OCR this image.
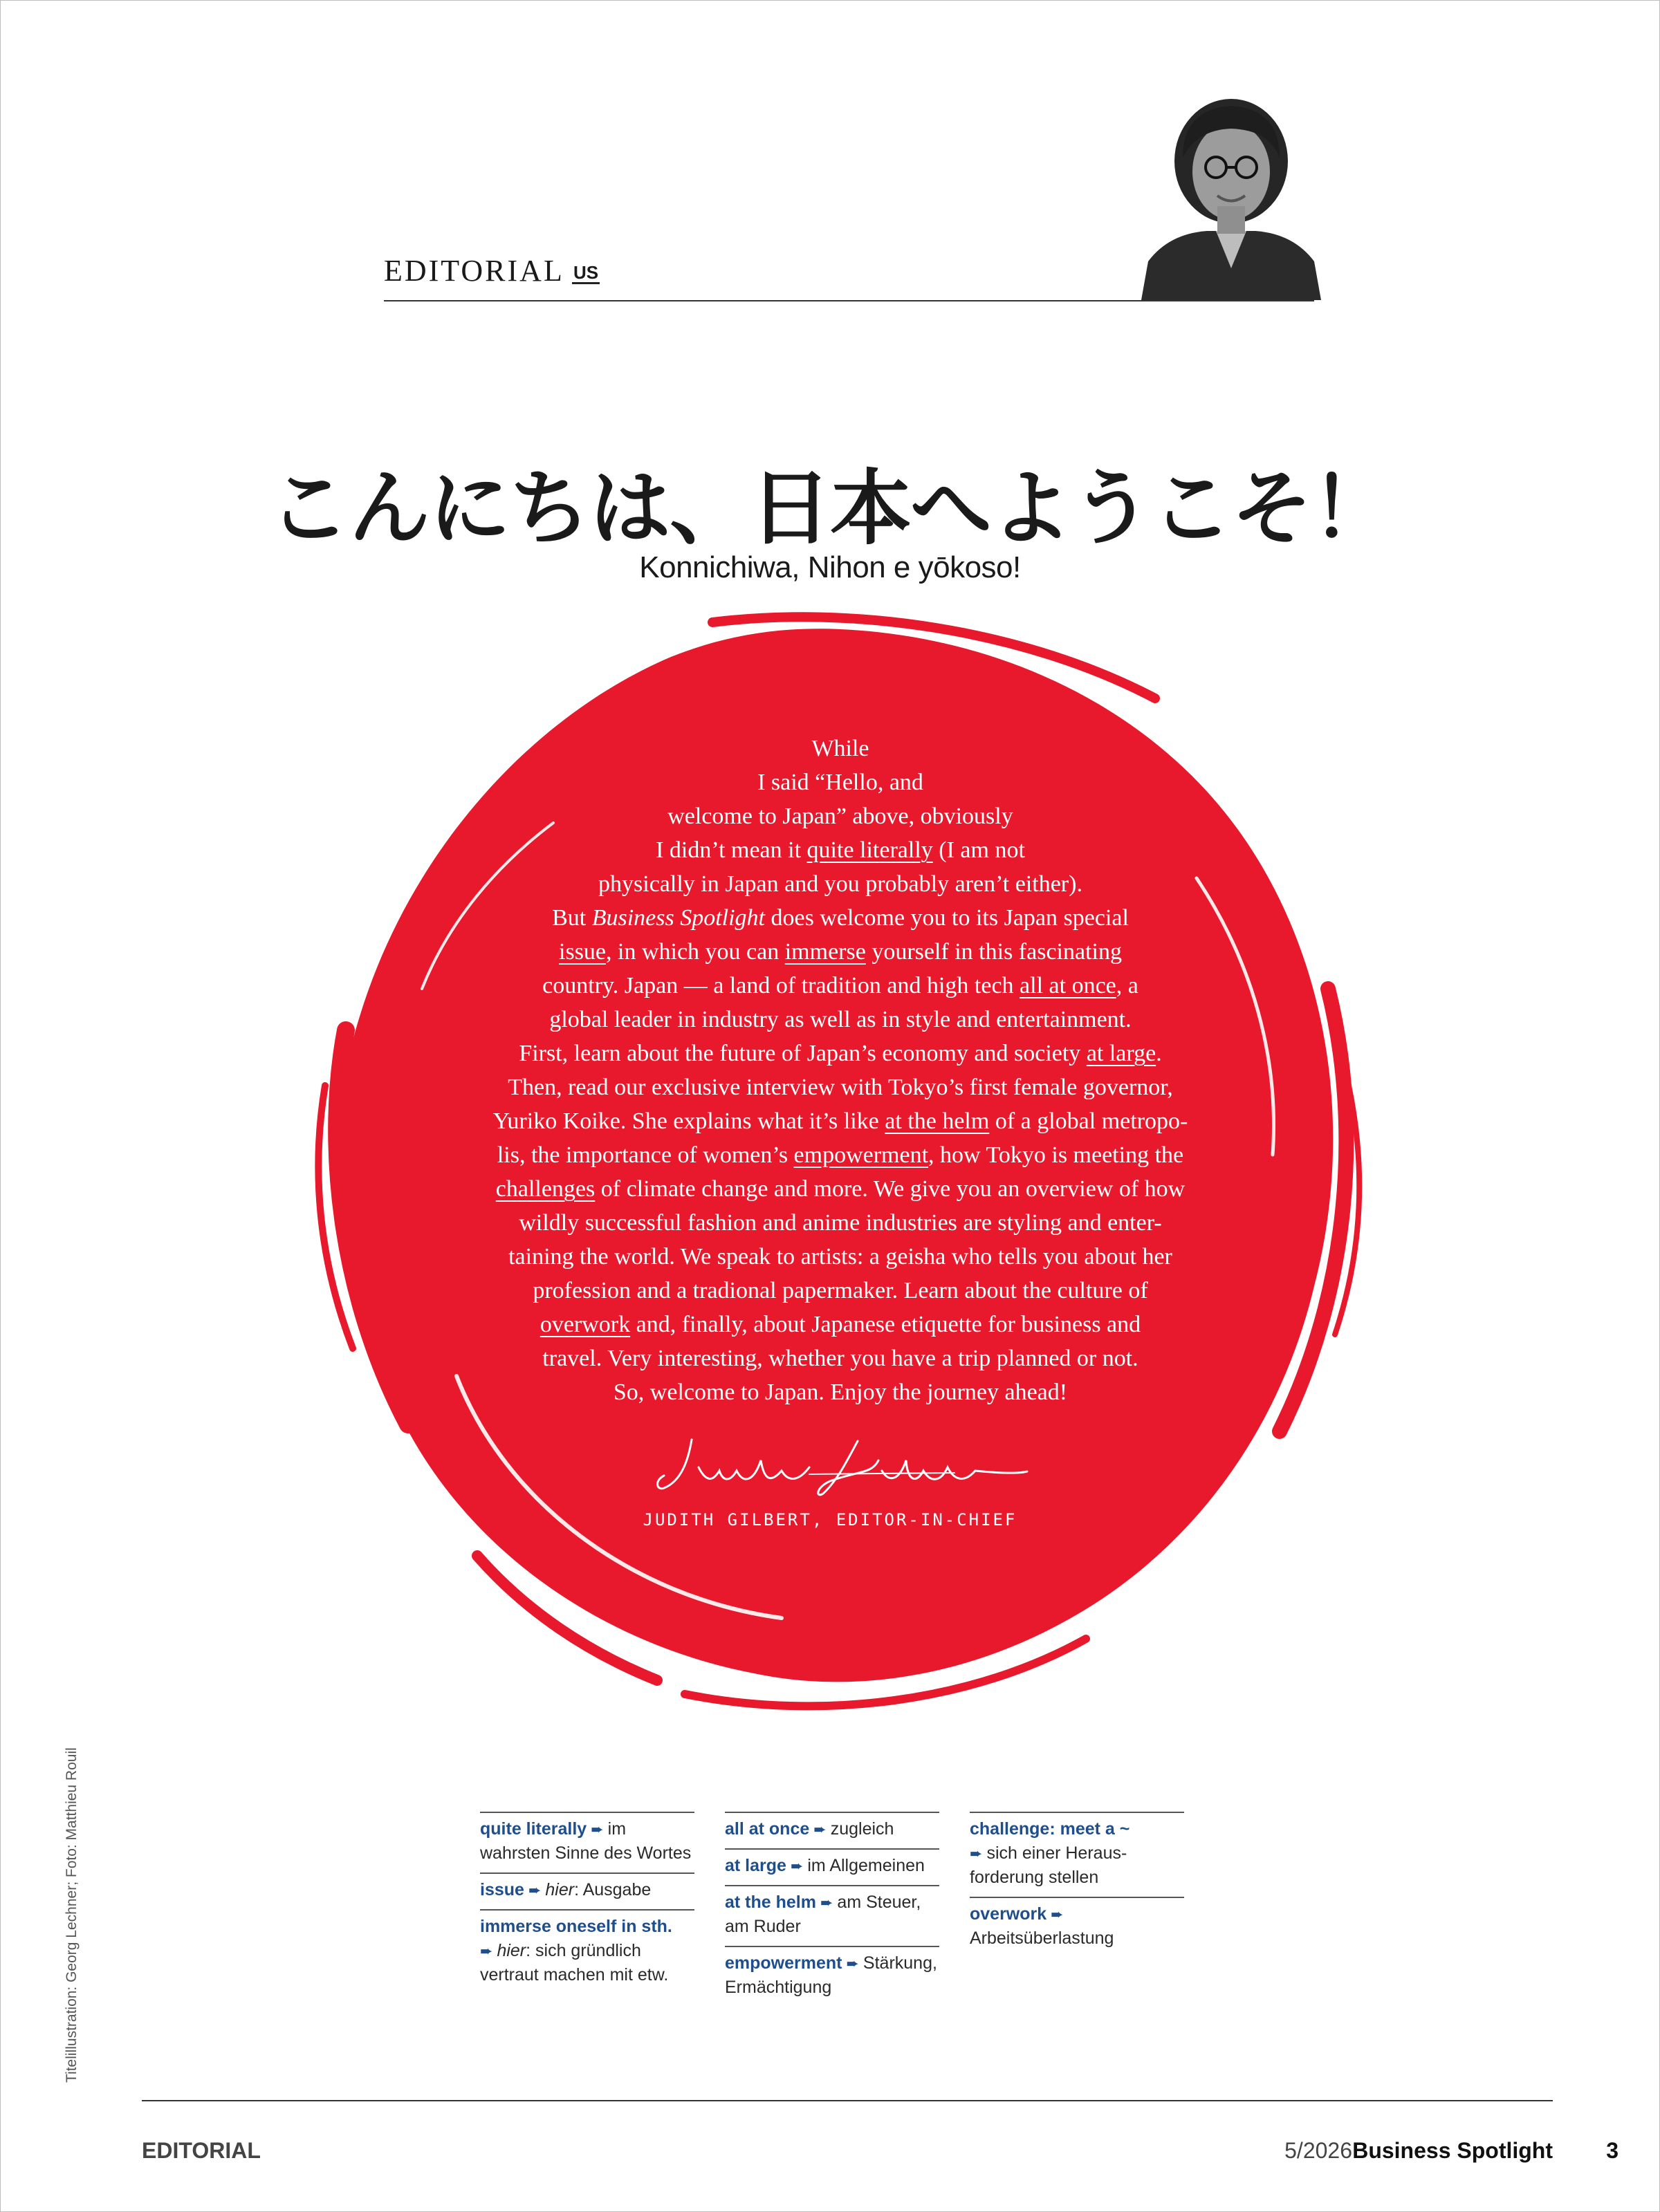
EDITORIAL US
こんにちは、日本へようこそ！
Konnichiwa, Nihon e yōkoso!
While
I said “Hello, and
welcome to Japan” above, obviously
I didn’t mean it quite literally (I am not
physically in Japan and you probably aren’t either).
But Business Spotlight does welcome you to its Japan special
issue, in which you can immerse yourself in this fascinating
country. Japan — a land of tradition and high tech all at once, a
global leader in industry as well as in style and entertainment.
First, learn about the future of Japan’s economy and society at large.
Then, read our exclusive interview with Tokyo’s first female governor,
Yuriko Koike. She explains what it’s like at the helm of a global metropo-
lis, the importance of women’s empowerment, how Tokyo is meeting the
challenges of climate change and more. We give you an overview of how
wildly successful fashion and anime industries are styling and enter-
taining the world. We speak to artists: a geisha who tells you about her
profession and a tradional papermaker. Learn about the culture of
overwork and, finally, about Japanese etiquette for business and
travel. Very interesting, whether you have a trip planned or not.
So, welcome to Japan. Enjoy the journey ahead!
Judith Gilbert
JUDITH GILBERT, EDITOR-IN-CHIEF
quite literally ➨ im wahrsten Sinne des Wortes
issue ➨ hier: Ausgabe
immerse oneself in sth.
➨ hier: sich gründlich vertraut machen mit etw.
all at once ➨ zugleich
at large ➨ im Allgemeinen
at the helm ➨ am Steuer, am Ruder
empowerment ➨ Stärkung, Ermächtigung
challenge: meet a ~
➨ sich einer Heraus-forderung stellen
overwork ➨Arbeitsüberlastung
Titelillustration: Georg Lechner; Foto: Matthieu Rouil
EDITORIAL	5/2026 Business Spotlight 3
